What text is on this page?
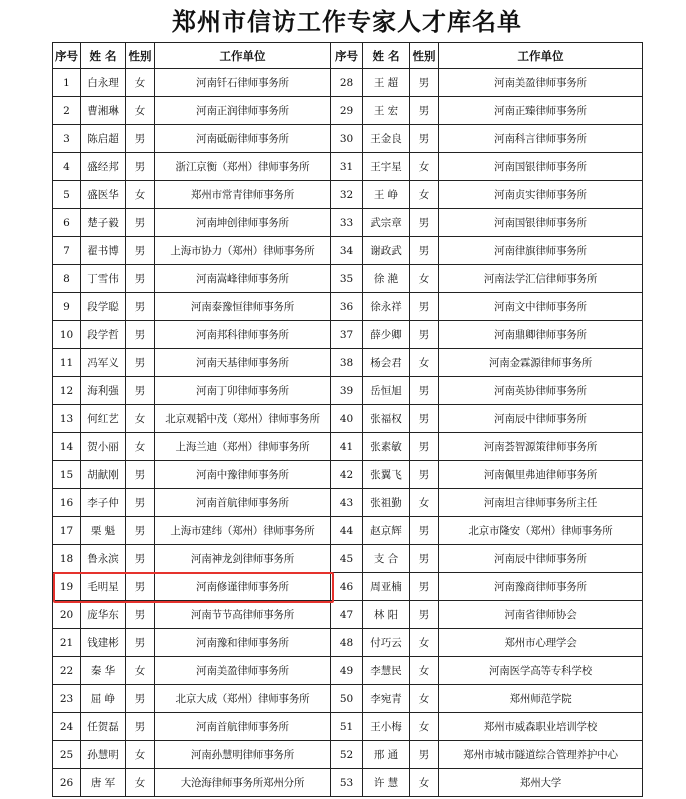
郑州市信访工作专家人才库名单
序号	姓 名	性别	工作单位	序号	姓 名	性别	工作单位
1	白永理	女	河南钎石律师事务所	28	王 超	男	河南美盈律师事务所
2	曹湘琳	女	河南正润律师事务所	29	王 宏	男	河南正臻律师事务所
3	陈启超	男	河南砥砺律师事务所	30	王金良	男	河南科言律师事务所
4	盛经邦	男	浙江京衡（郑州）律师事务所	31	王宇星	女	河南国银律师事务所
5	盛医华	女	郑州市常青律师事务所	32	王 峥	女	河南贞实律师事务所
6	楚子毅	男	河南坤创律师事务所	33	武宗章	男	河南国银律师事务所
7	翟书博	男	上海市协力（郑州）律师事务所	34	谢政武	男	河南律旗律师事务所
8	丁雪伟	男	河南嵩峰律师事务所	35	徐 滟	女	河南法学汇信律师事务所
9	段学聪	男	河南泰豫恒律师事务所	36	徐永祥	男	河南文中律师事务所
10	段学哲	男	河南邦科律师事务所	37	薛少卿	男	河南鼎卿律师事务所
11	冯军义	男	河南天基律师事务所	38	杨会君	女	河南金霖源律师事务所
12	海利强	男	河南丁卯律师事务所	39	岳恒旭	男	河南英协律师事务所
13	何红艺	女	北京观韬中茂（郑州）律师事务所	40	张福权	男	河南辰中律师事务所
14	贺小丽	女	上海兰迪（郑州）律师事务所	41	张素敏	男	河南荟智源策律师事务所
15	胡献刚	男	河南中豫律师事务所	42	张翼飞	男	河南佩里弗迪律师事务所
16	李子仲	男	河南首航律师事务所	43	张祖勤	女	河南坦言律师事务所主任
17	栗 魁	男	上海市建纬（郑州）律师事务所	44	赵京辉	男	北京市隆安（郑州）律师事务所
18	鲁永滨	男	河南神龙剑律师事务所	45	支 合	男	河南辰中律师事务所
19	毛明星	男	河南修谨律师事务所	46	周亚楠	男	河南豫商律师事务所
20	庞华东	男	河南节节高律师事务所	47	林 阳	男	河南省律师协会
21	钱建彬	男	河南豫和律师事务所	48	付巧云	女	郑州市心理学会
22	秦 华	女	河南美盈律师事务所	49	李慧民	女	河南医学高等专科学校
23	屈 峥	男	北京大成（郑州）律师事务所	50	李宛青	女	郑州师范学院
24	任贺磊	男	河南首航律师事务所	51	王小梅	女	郑州市威森职业培训学校
25	孙慧明	女	河南孙慧明律师事务所	52	邢 通	男	郑州市城市隧道综合管理养护中心
26	唐 军	女	大沧海律师事务所郑州分所	53	许 慧	女	郑州大学
